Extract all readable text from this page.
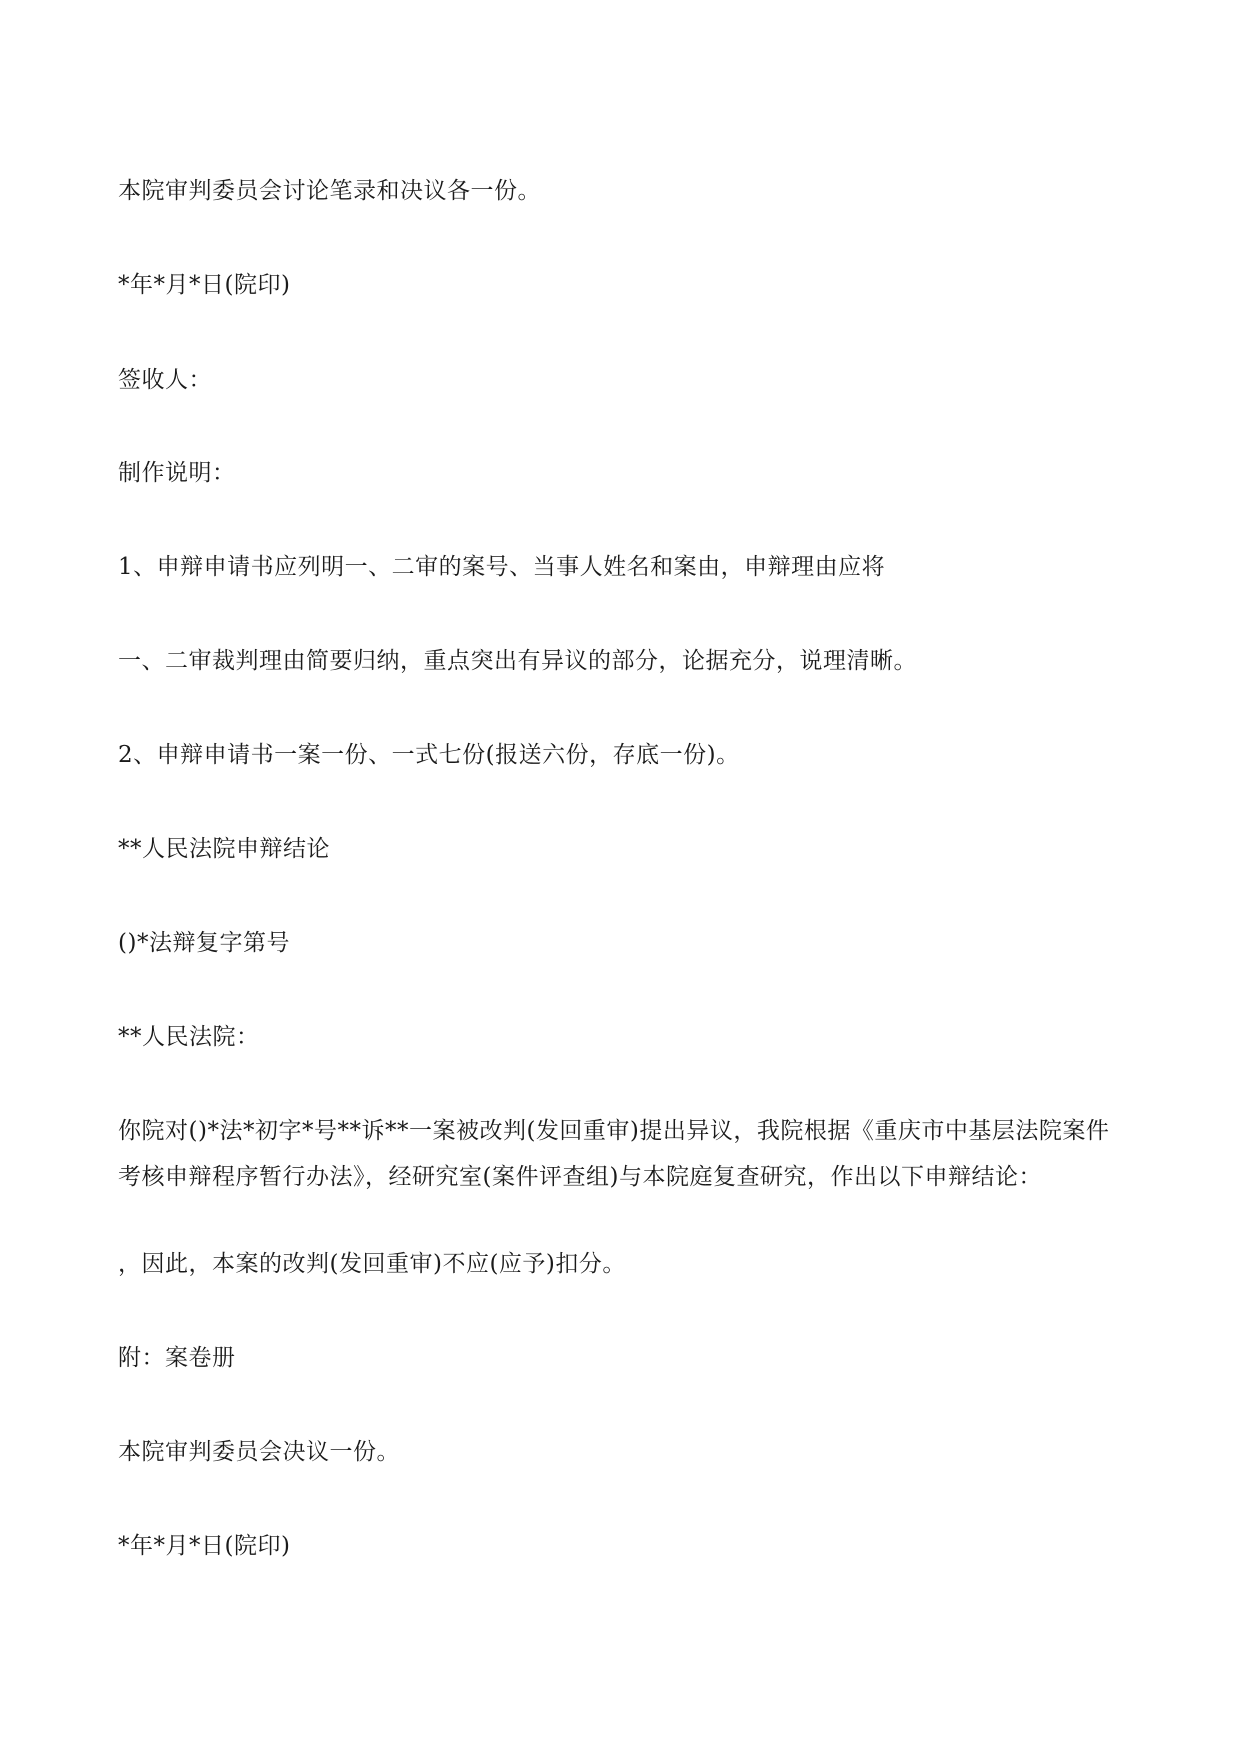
本院审判委员会讨论笔录和决议各一份。
*年*月*日(院印)
签收人：
制作说明：
1、申辩申请书应列明一、二审的案号、当事人姓名和案由，申辩理由应将
一、二审裁判理由简要归纳，重点突出有异议的部分，论据充分，说理清晰。
2、申辩申请书一案一份、一式七份(报送六份，存底一份)。
**人民法院申辩结论
()*法辩复字第号
**人民法院：
你院对()*法*初字*号**诉**一案被改判(发回重审)提出异议，我院根据《重庆市中基层法院案件考核申辩程序暂行办法》，经研究室(案件评查组)与本院庭复查研究，作出以下申辩结论：
，因此，本案的改判(发回重审)不应(应予)扣分。
附：案卷册
本院审判委员会决议一份。
*年*月*日(院印)
